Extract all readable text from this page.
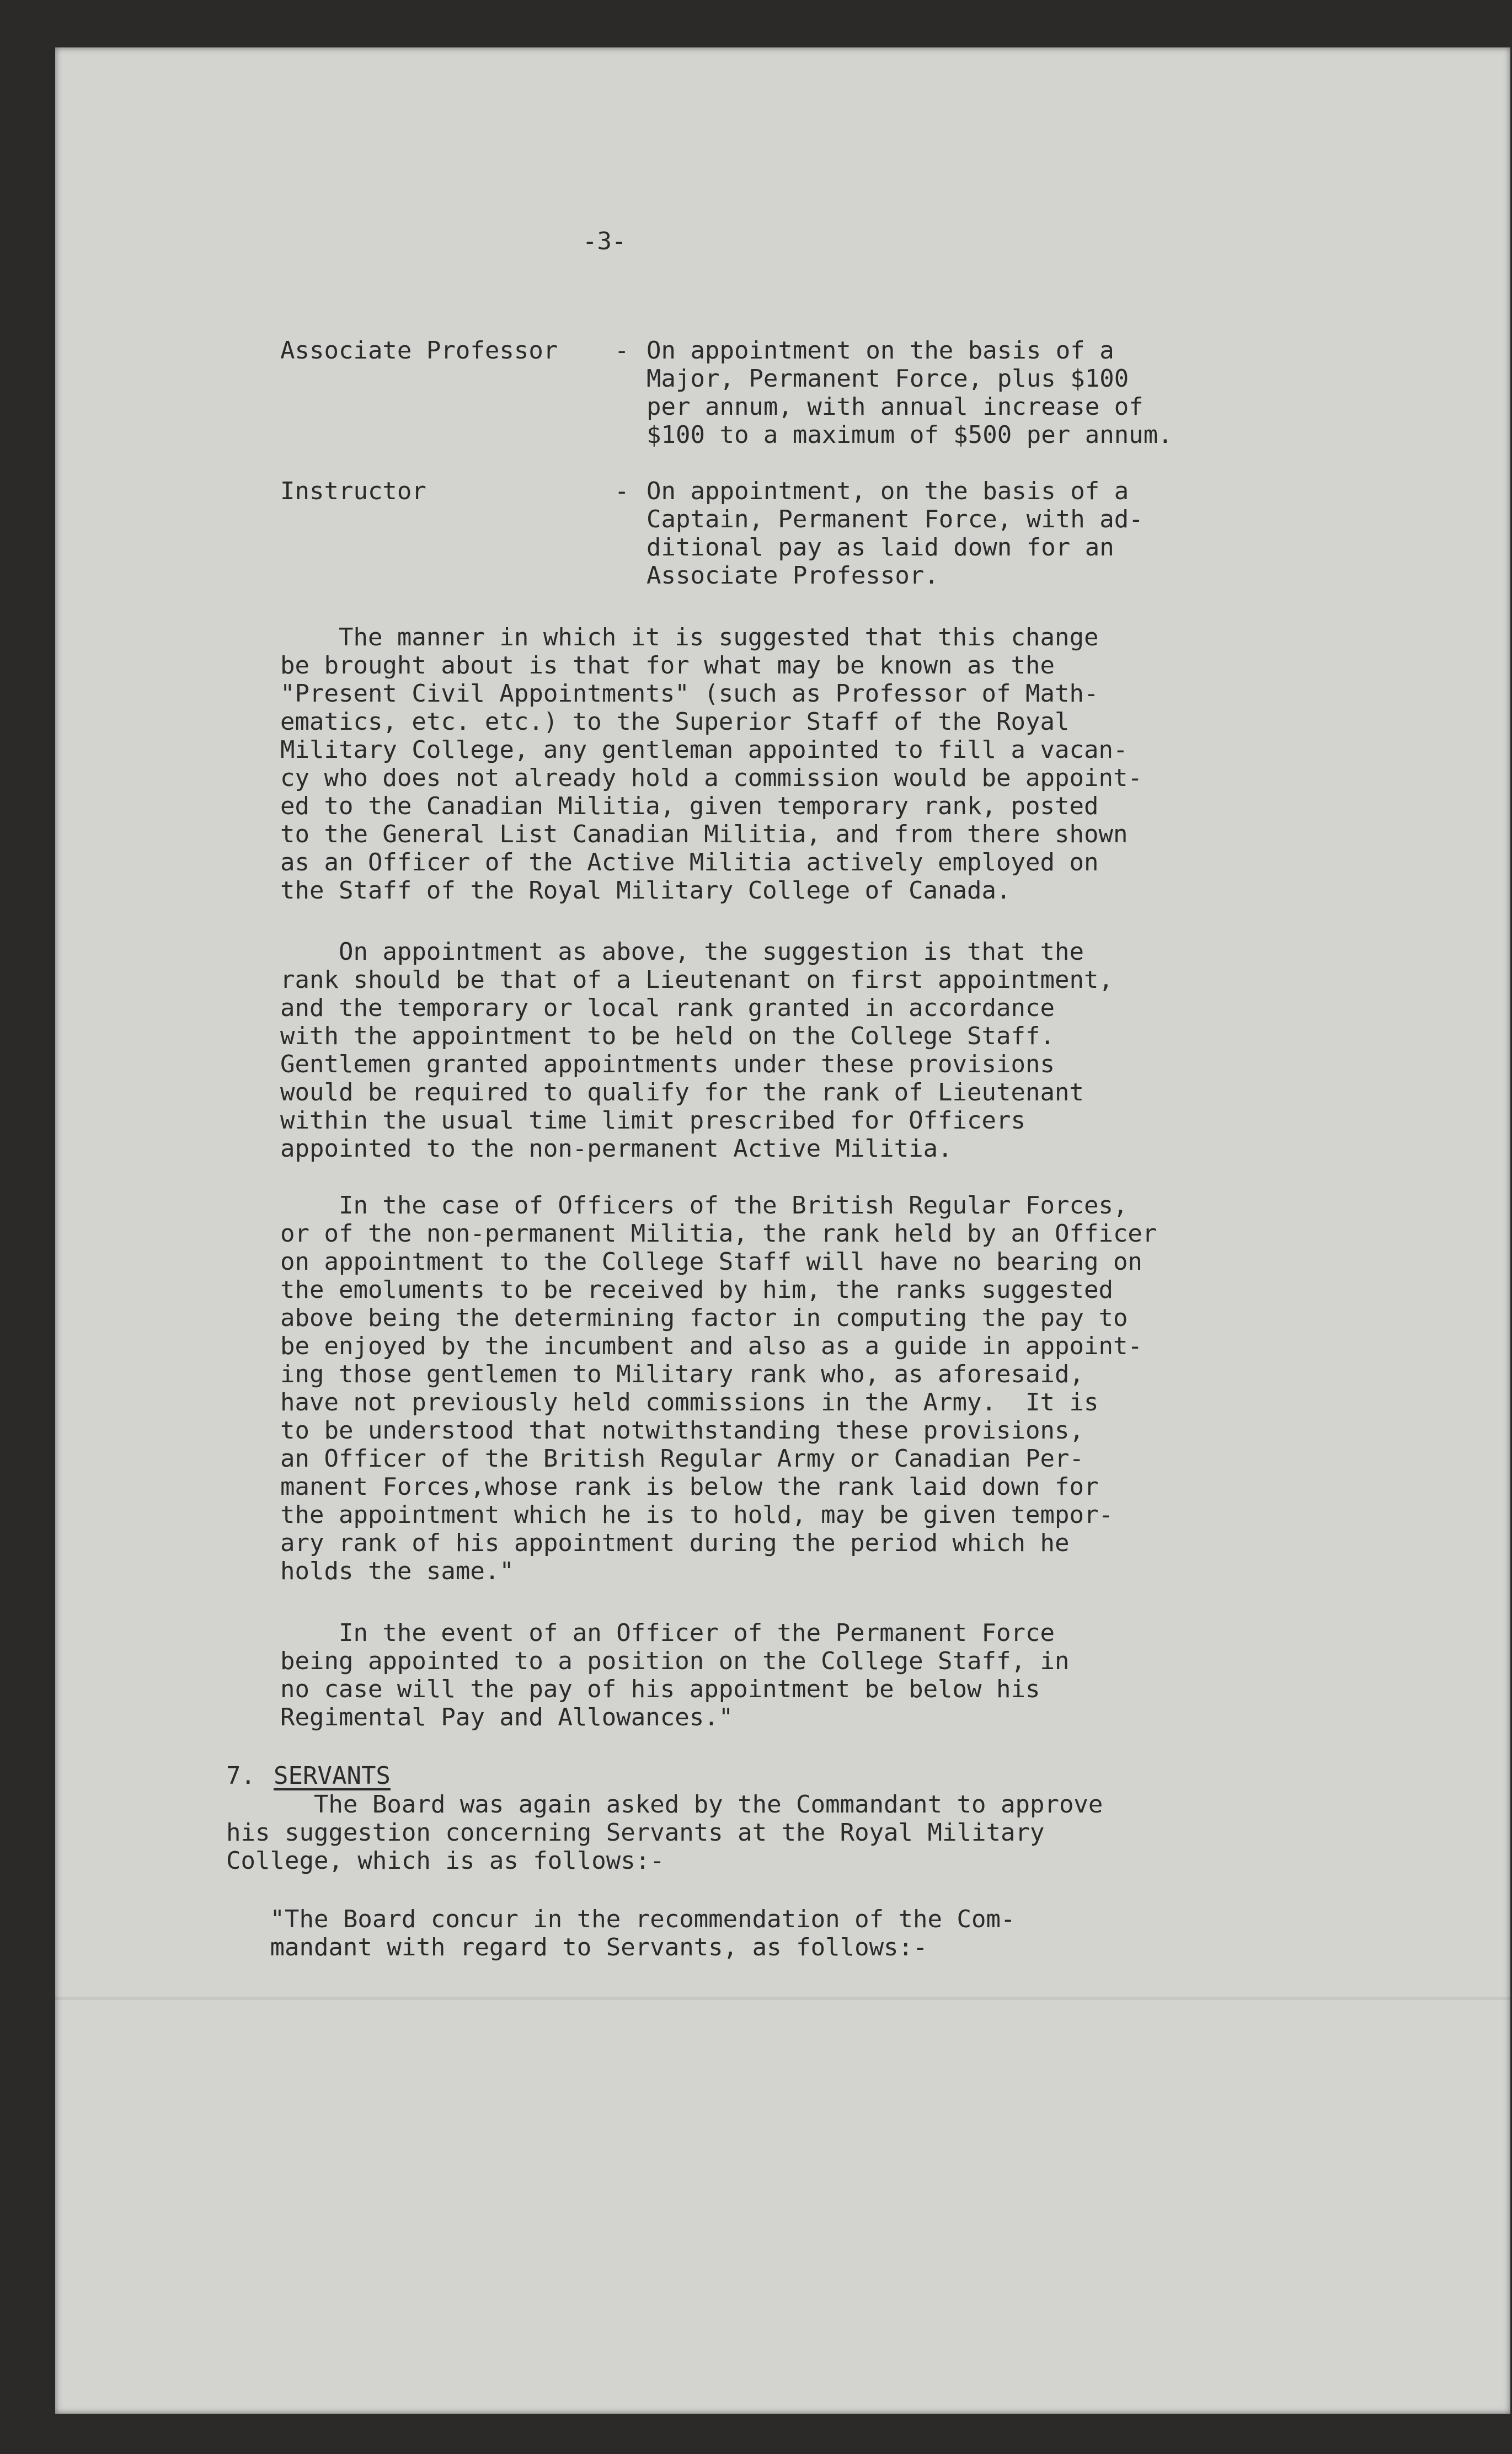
-3-
Associate Professor - On appointment on the basis of a
Major, Permanent Force, plus $100
per annum, with annual increase of
$100 to a maximum of $500 per annum.
Instructor	- On appointment, on the basis of a
Captain, Permanent Force, with ad-
ditional pay as laid down for an
Associate Professor.
The manner in which it is suggested that this change
be brought about is that for what may be known as the
"Present Civil Appointments" (such as Professor of Math-
ematics, etc. etc.) to the Superior Staff of the Royal
Military College, any gentleman appointed to fill a vacan-
cy who does not already hold a commission would be appoint-
ed to the Canadian Militia, given temporary rank, posted
to the General List Canadian Militia, and from there shown
as an Officer of the Active Militia actively employed on
the Staff of the Royal Military College of Canada.
On appointment as above, the suggestion is that the
rank should be that of a Lieutenant on first appointment,
and the temporary or local rank granted in accordance
with the appointment to be held on the College Staff.
Gentlemen granted appointments under these provisions
would be required to qualify for the rank of Lieutenant
within the usual time limit prescribed for Officers
appointed to the non-permanent Active Militia.
In the case of Officers of the British Regular Forces,
or of the non-permanent Militia, the rank held by an Officer
on appointment to the College Staff will have no bearing on
the emoluments to be received by him, the ranks suggested
above being the determining factor in computing the pay to
be enjoyed by the incumbent and also as a guide in appoint-
ing those gentlemen to Military rank who, as aforesaid,
have not previously held commissions in the Army.  It is
to be understood that notwithstanding these provisions,
an Officer of the British Regular Army or Canadian Per-
manent Forces,whose rank is below the rank laid down for
the appointment which he is to hold, may be given tempor-
ary rank of his appointment during the period which he
holds the same."
In the event of an Officer of the Permanent Force
being appointed to a position on the College Staff, in
no case will the pay of his appointment be below his
Regimental Pay and Allowances."
7. SERVANTS
The Board was again asked by the Commandant to approve
his suggestion concerning Servants at the Royal Military
College, which is as follows:-
"The Board concur in the recommendation of the Com-
mandant with regard to Servants, as follows:-
